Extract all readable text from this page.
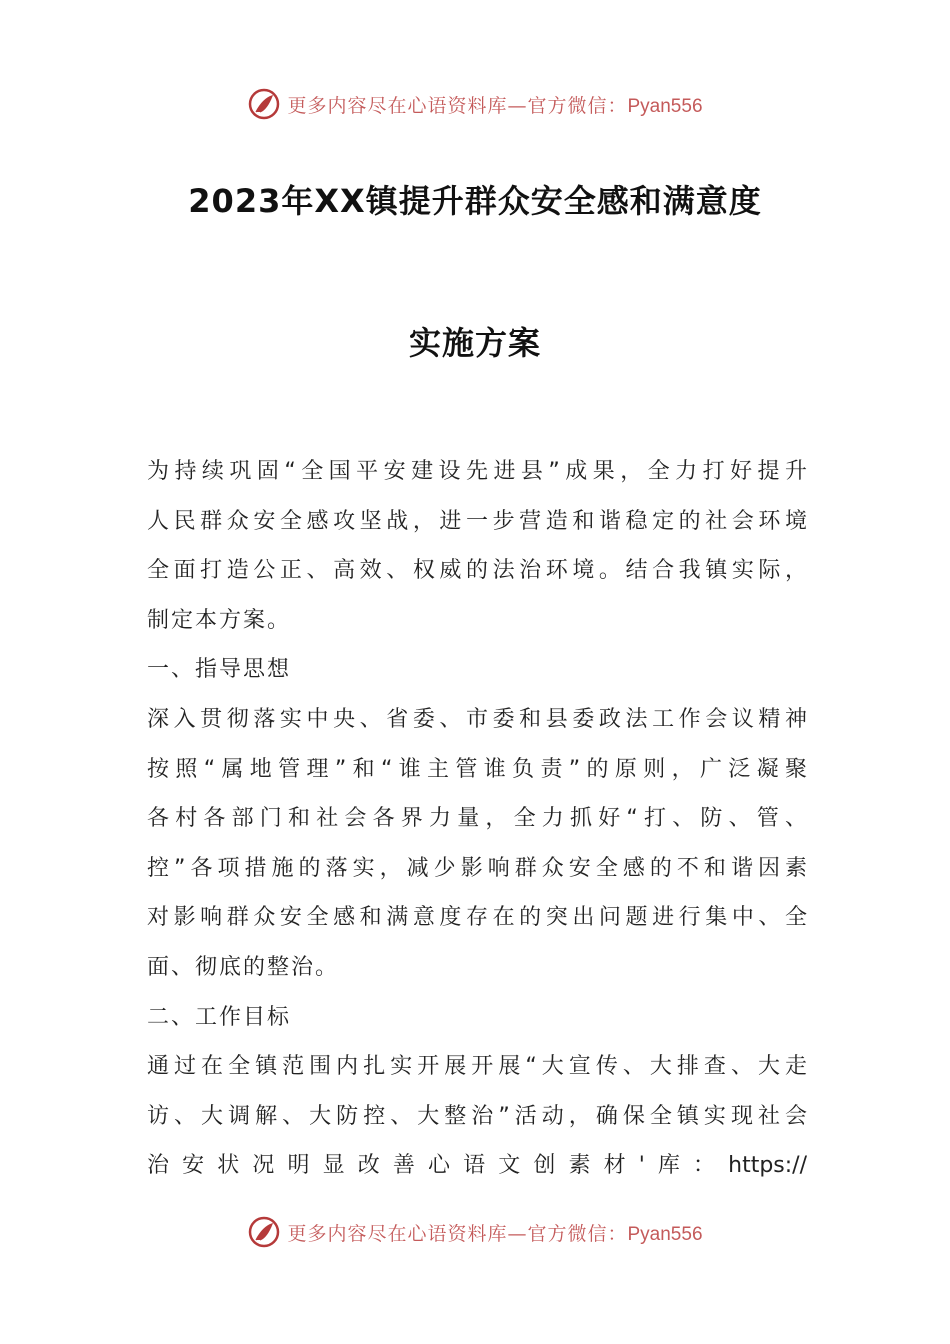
更多内容尽在心语资料库—官方微信：Pyan556
2023年XX镇提升群众安全感和满意度
实施方案
为持续巩固“全国平安建设先进县”成果，全力打好提升
人民群众安全感攻坚战，进一步营造和谐稳定的社会环境
全面打造公正、高效、权威的法治环境。结合我镇实际，
制定本方案。
一、指导思想
深入贯彻落实中央、省委、市委和县委政法工作会议精神
按照“属地管理”和“谁主管谁负责”的原则，广泛凝聚
各村各部门和社会各界力量，全力抓好“打、防、管、
控”各项措施的落实，减少影响群众安全感的不和谐因素
对影响群众安全感和满意度存在的突出问题进行集中、全
面、彻底的整治。
二、工作目标
通过在全镇范围内扎实开展开展“大宣传、大排查、大走
访、大调解、大防控、大整治”活动，确保全镇实现社会
治安状况明显改善心语文创素材'库：https://
更多内容尽在心语资料库—官方微信：Pyan556
